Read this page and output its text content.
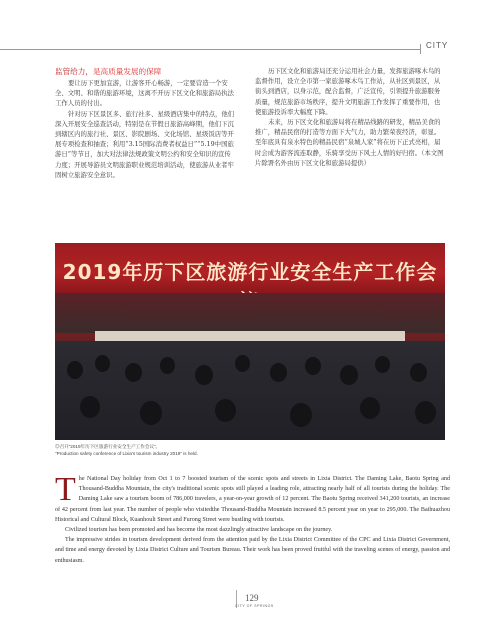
CITY
监管给力，是高质量发展的保障

要让历下更加宜游，让游客开心畅游，一定要营造一个安全、文明、和谐的旅游环境，这离不开历下区文化和旅游局执法工作人员的付出。

针对历下区景区多、旅行社多、星级酒店集中的特点，他们深入开展安全巡查活动，特别是在节假日旅游高峰期，他们下沉到辖区内的旅行社、景区、影院剧场、文化场馆、星级饭店等开展专项检查和抽查；利用“3.15国际消费者权益日”“5.19中国旅游日”等节日，加大对法律法规政策文明公约和安全知识的宣传力度；开展导游员文明旅游职业规范培训活动，使旅游从业者牢固树立旅游安全意识。

历下区文化和旅游局还充分运用社会力量，发挥旅游啄木鸟的监督作用，设立全市第一家旅游啄木鸟工作站，从社区到景区，从街头到酒店，以身示范，配合监督，广泛宣传，引领提升旅游服务质量，规范旅游市场秩序，提升文明旅游工作发挥了重要作用，也使旅游投诉率大幅度下降。

未来，历下区文化和旅游局将在精品线路的研发，精品美食的推广，精品民宿的打造等方面下大气力，助力繁荣夜经济，彰显。至年底具有泉水特色的精品民宿“泉城人家”将在历下正式亮相，届时会成为游客流连取静，乐骑享受历下风土人情的好归宿。（本文图片除署名外由历下区文化和旅游局提供）

2019年历下区旅游行业安全生产工作会
◎召开“2019年历下区旅游行业安全生产工作会议”。
"Production safety conference of Lixia's tourism industry 2019" is held.
T he National Day holiday from Oct 1 to 7 boosted tourism of the scenic spots and streets in Lixia District. The Daming Lake, Baotu Spring and Thousand-Buddha Mountain, the city's traditional scenic spots still played a leading role, attracting nearly half of all tourists during the holiday. The Daming Lake saw a tourism boom of 786,000 travelers, a year-on-year growth of 12 percent. The Baotu Spring received 341,200 tourists, an increase of 42 percent from last year. The number of people who visitedthe Thousand-Buddha Mountain increased 8.5 percent year on year to 295,000. The Baihuazhou Historical and Cultural Block, Kuanhouli Street and Furong Street were bustling with tourists.

Civilized tourism has been promoted and has become the most dazzlingly attractive landscape on the journey.

The impressive strides in tourism development derived from the attention paid by the Lixia District Committee of the CPC and Lixia District Government, and time and energy devoted by Lixia District Culture and Tourism Bureau. Their work has been proved fruitful with the traveling scenes of energy, passion and enthusiasm.

129
CITY OF SPRINGS
